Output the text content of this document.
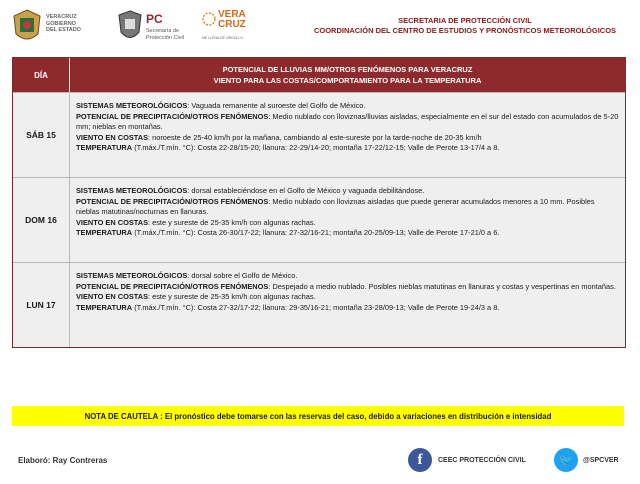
VERACRUZ
GOBIERNO
DEL ESTADO
PC
Secretaría de
Protección Civil
VERA
CRUZ
ME LLENA DE ORGULLO
SECRETARIA DE PROTECCIÓN CIVIL
COORDINACIÓN DEL CENTRO DE ESTUDIOS Y PRONÓSTICOS METEOROLÓGICOS
DÍA
POTENCIAL DE LLUVIAS MM/OTROS FENÓMENOS PARA VERACRUZ
VIENTO PARA LAS COSTAS/COMPORTAMIENTO PARA LA TEMPERATURA
SÁB 15
SISTEMAS METEOROLÓGICOS: Vaguada remanente al suroeste del Golfo de México.
POTENCIAL DE PRECIPITACIÓN/OTROS FENÓMENOS: Medio nublado con lloviznas/lluvias aisladas, especialmente en el sur del estado con acumulados de 5-20 mm; nieblas en montañas.
VIENTO EN COSTAS: noroeste de 25-40 km/h por la mañana, cambiando al este-sureste por la tarde-noche de 20-35 km/h
TEMPERATURA (T.máx./T.mín. °C): Costa 22-28/15-20; llanura: 22-29/14-20; montaña 17-22/12-15; Valle de Perote 13-17/4 a 8.
DOM 16
SISTEMAS METEOROLÓGICOS: dorsal estableciéndose en el Golfo de México y vaguada debilitándose.
POTENCIAL DE PRECIPITACIÓN/OTROS FENÓMENOS: Medio nublado con lloviznas aisladas que puede generar acumulados menores a 10 mm. Posibles nieblas matutinas/nocturnas en llanuras.
VIENTO EN COSTAS: este y sureste de 25-35 km/h con algunas rachas.
TEMPERATURA (T.máx./T.mín. °C): Costa 26-30/17-22; llanura: 27-32/16-21; montaña 20-25/09-13; Valle de Perote 17-21/0 a 6.
LUN 17
SISTEMAS METEOROLÓGICOS: dorsal sobre el Golfo de México.
POTENCIAL DE PRECIPITACIÓN/OTROS FENÓMENOS: Despejado a medio nublado. Posibles nieblas matutinas en llanuras y costas y vespertinas en montañas.
VIENTO EN COSTAS: este y sureste de 25-35 km/h con algunas rachas.
TEMPERATURA (T.máx./T.mín. °C): Costa 27-32/17-22; llanura: 29-35/16-21; montaña 23-28/09-13; Valle de Perote 19-24/3 a 8.
NOTA DE CAUTELA : El pronóstico debe tomarse con las reservas del caso, debido a variaciones en distribución e intensidad
Elaboró: Ray Contreras	f	CEEC PROTECCIÓN CIVIL	🐦	@SPCVER
